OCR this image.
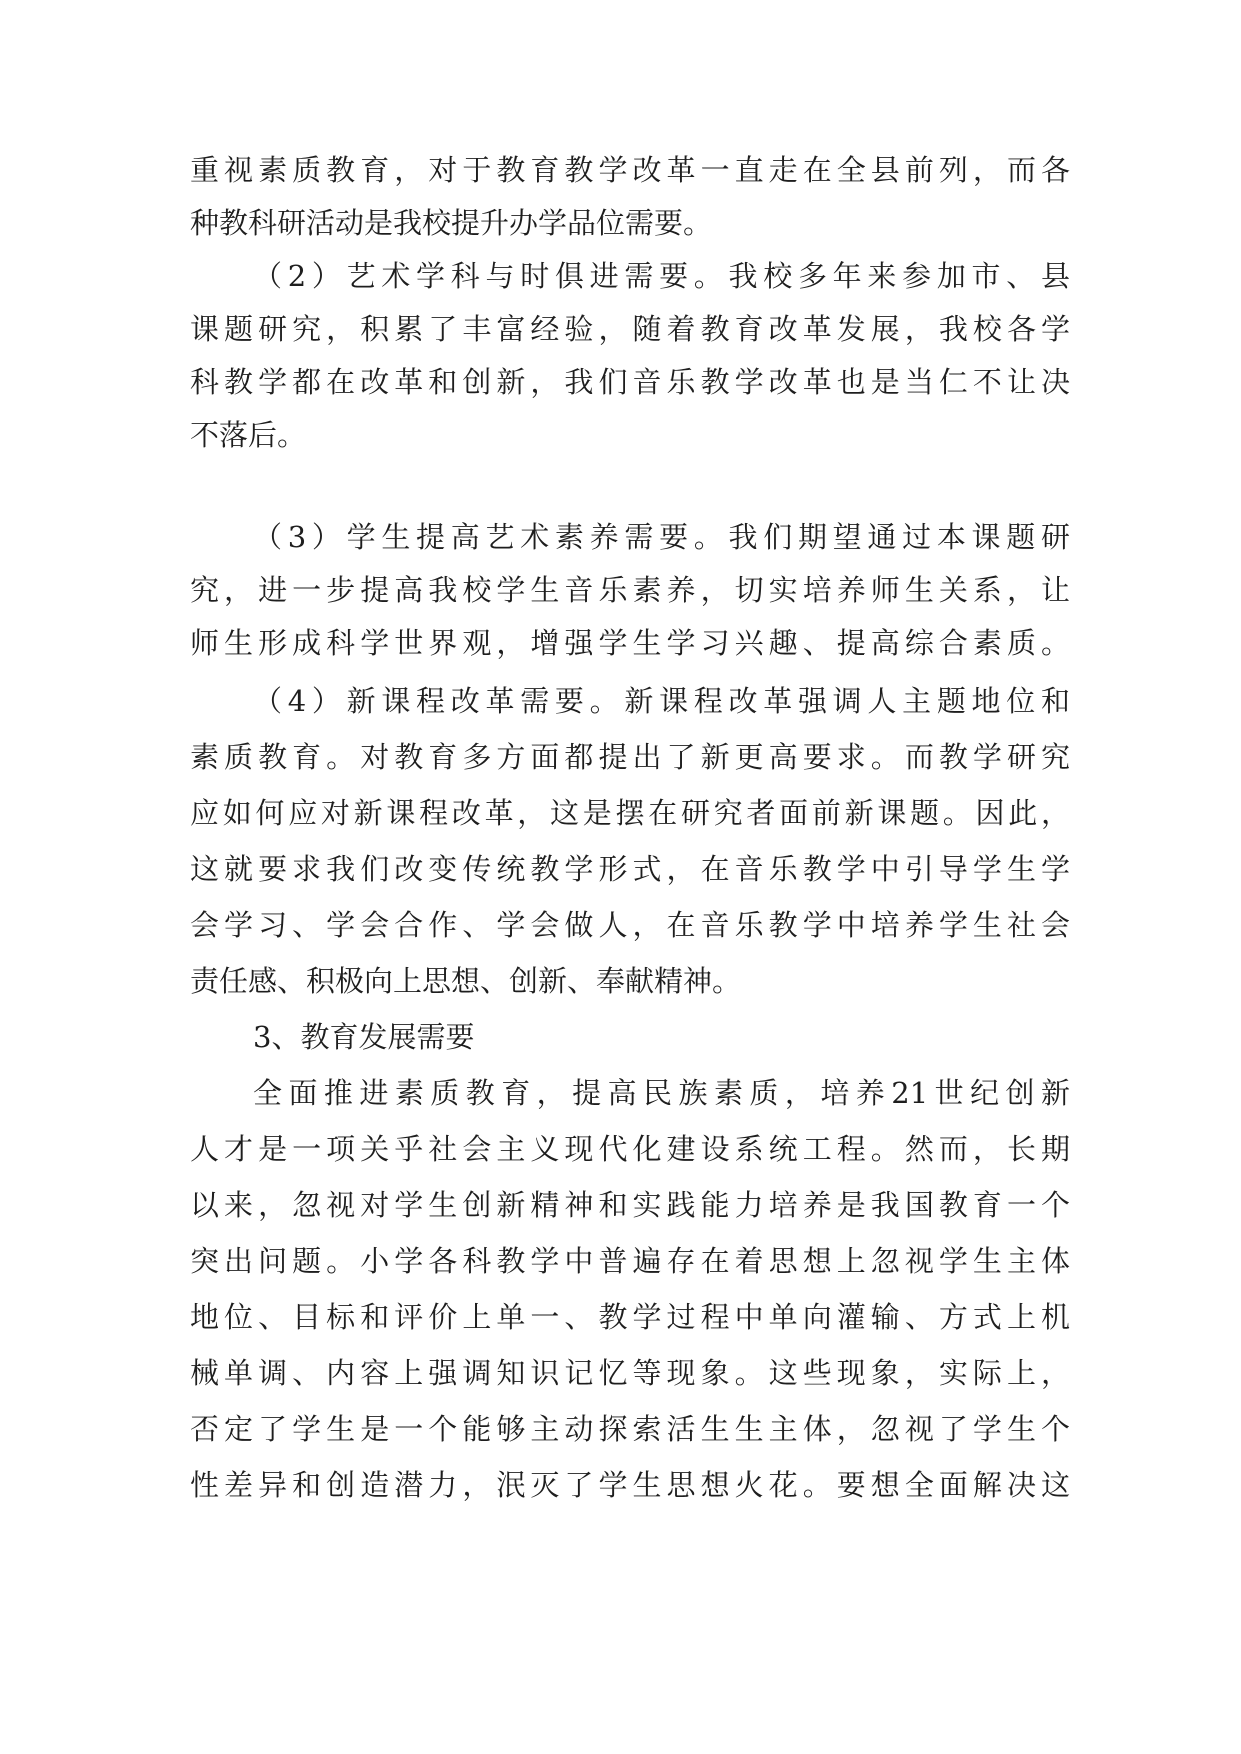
重视素质教育，对于教育教学改革一直走在全县前列，而各
种教科研活动是我校提升办学品位需要。
（2）艺术学科与时俱进需要。我校多年来参加市、县
课题研究，积累了丰富经验，随着教育改革发展，我校各学
科教学都在改革和创新，我们音乐教学改革也是当仁不让决
不落后。
（3）学生提高艺术素养需要。我们期望通过本课题研
究，进一步提高我校学生音乐素养，切实培养师生关系，让
师生形成科学世界观，增强学生学习兴趣、提高综合素质。
（4）新课程改革需要。新课程改革强调人主题地位和
素质教育。对教育多方面都提出了新更高要求。而教学研究
应如何应对新课程改革，这是摆在研究者面前新课题。因此，
这就要求我们改变传统教学形式，在音乐教学中引导学生学
会学习、学会合作、学会做人，在音乐教学中培养学生社会
责任感、积极向上思想、创新、奉献精神。
3、教育发展需要
全面推进素质教育，提高民族素质，培养21世纪创新
人才是一项关乎社会主义现代化建设系统工程。然而，长期
以来，忽视对学生创新精神和实践能力培养是我国教育一个
突出问题。小学各科教学中普遍存在着思想上忽视学生主体
地位、目标和评价上单一、教学过程中单向灌输、方式上机
械单调、内容上强调知识记忆等现象。这些现象，实际上，
否定了学生是一个能够主动探索活生生主体，忽视了学生个
性差异和创造潜力，泯灭了学生思想火花。要想全面解决这
